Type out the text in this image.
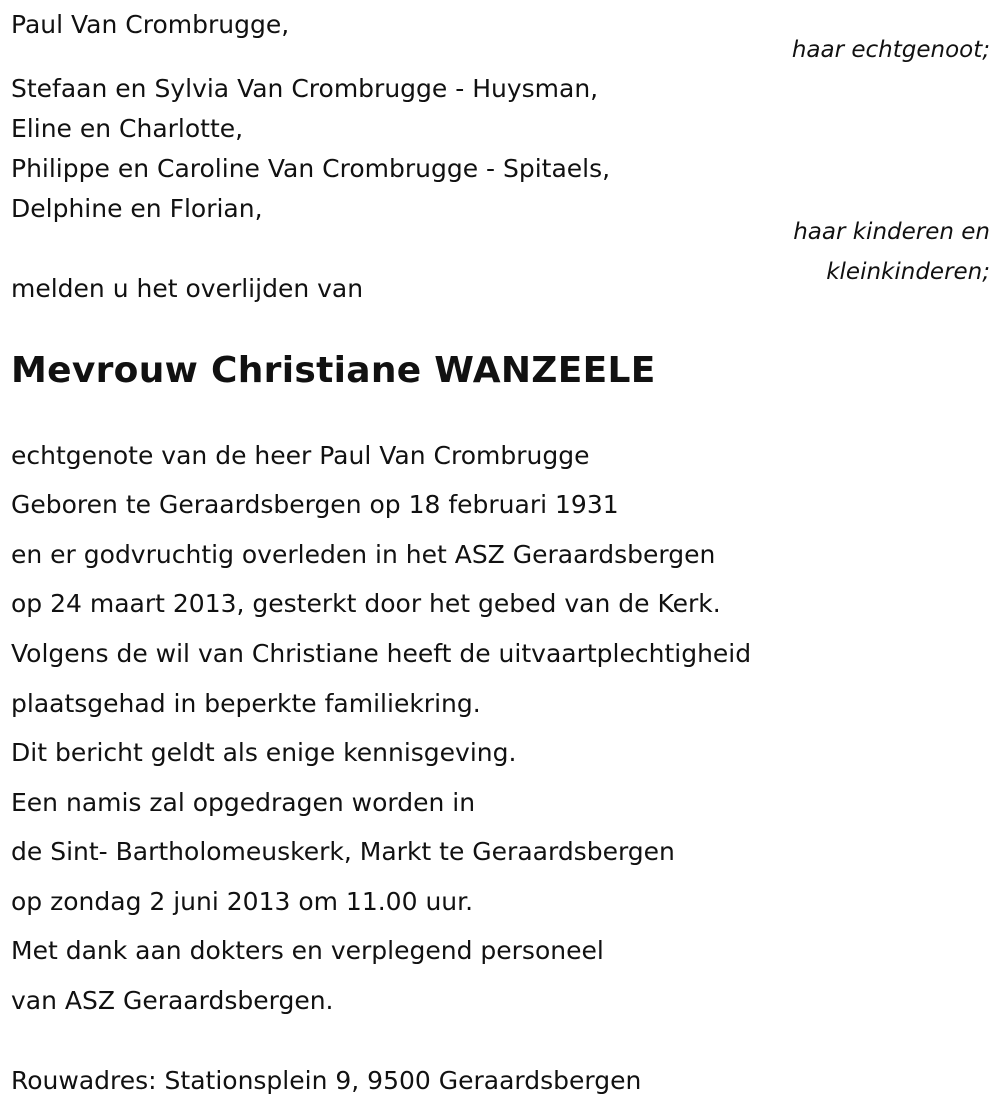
Paul Van Crombrugge,
haar echtgenoot;
Stefaan en Sylvia Van Crombrugge - Huysman,
Eline en Charlotte,
Philippe en Caroline Van Crombrugge - Spitaels,
Delphine en Florian,
haar kinderen en
kleinkinderen;
melden u het overlijden van
Mevrouw Christiane WANZEELE
echtgenote van de heer Paul Van Crombrugge
Geboren te Geraardsbergen op 18 februari 1931
en er godvruchtig overleden in het ASZ Geraardsbergen
op 24 maart 2013, gesterkt door het gebed van de Kerk.
Volgens de wil van Christiane heeft de uitvaartplechtigheid
plaatsgehad in beperkte familiekring.
Dit bericht geldt als enige kennisgeving.
Een namis zal opgedragen worden in
de Sint- Bartholomeuskerk, Markt te Geraardsbergen
op zondag 2 juni 2013 om 11.00 uur.
Met dank aan dokters en verplegend personeel
van ASZ Geraardsbergen.
Rouwadres: Stationsplein 9, 9500 Geraardsbergen
